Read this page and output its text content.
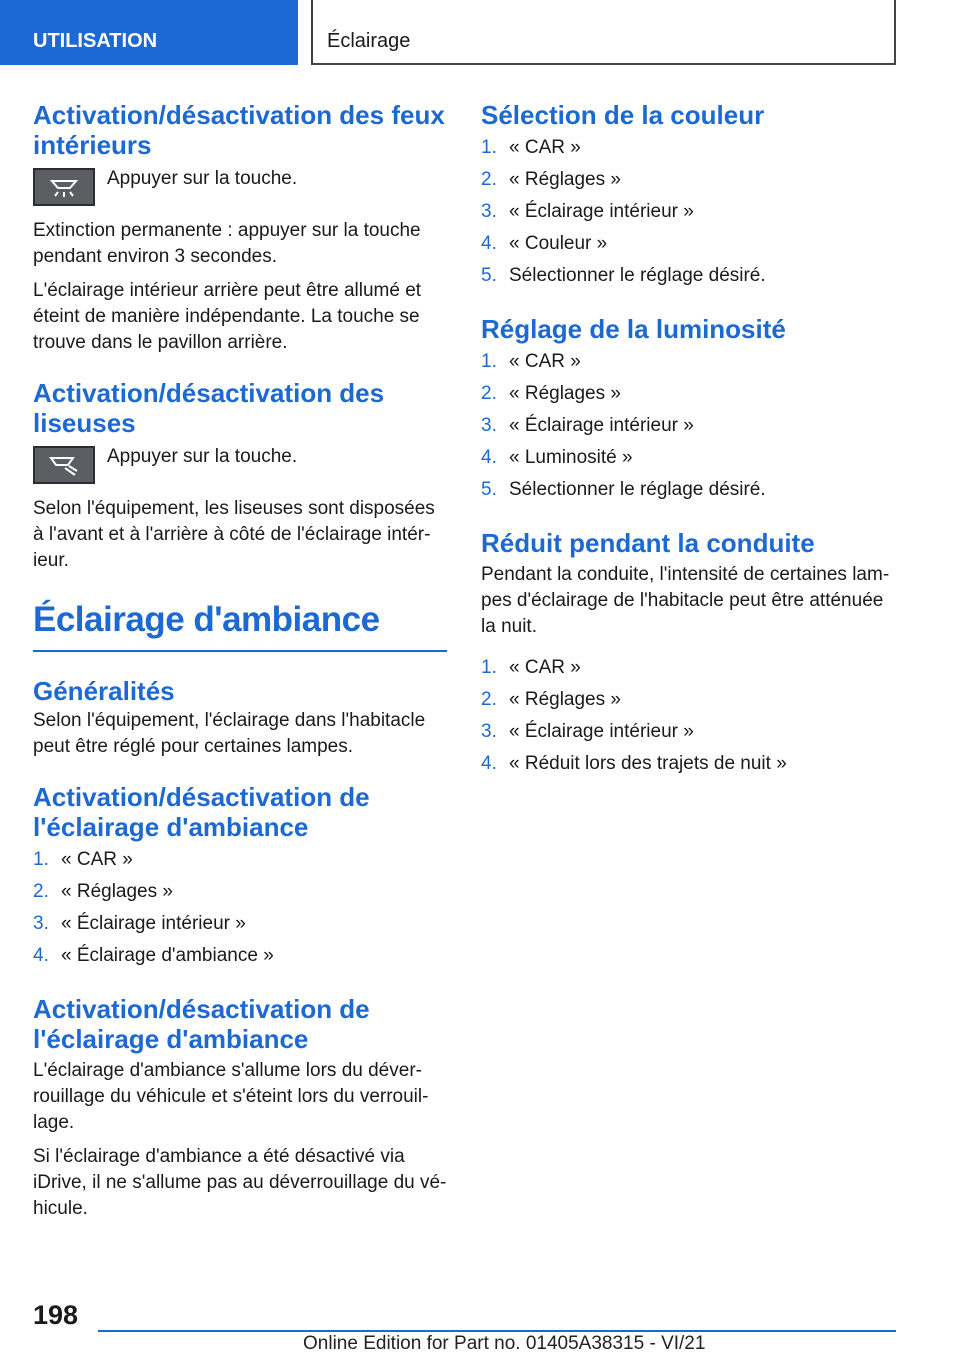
UTILISATION	Éclairage
Activation/désactivation des feux intérieurs

Appuyer sur la touche.

Extinction permanente : appuyer sur la touche pendant environ 3 secondes.

L'éclairage intérieur arrière peut être allumé et éteint de manière indépendante. La touche se trouve dans le pavillon arrière.

Activation/désactivation des liseuses

Appuyer sur la touche.

Selon l'équipement, les liseuses sont disposées à l'avant et à l'arrière à côté de l'éclairage intér-ieur.

Éclairage d'ambiance
Généralités

Selon l'équipement, l'éclairage dans l'habitacle peut être réglé pour certaines lampes.

Activation/désactivation de l'éclairage d'ambiance
1. « CAR »
2. « Réglages »
3. « Éclairage intérieur »
4. « Éclairage d'ambiance »
Activation/désactivation de l'éclairage d'ambiance

L'éclairage d'ambiance s'allume lors du déver-rouillage du véhicule et s'éteint lors du verrouil-lage.

Si l'éclairage d'ambiance a été désactivé via iDrive, il ne s'allume pas au déverrouillage du vé-hicule.

Sélection de la couleur
1. « CAR »
2. « Réglages »
3. « Éclairage intérieur »
4. « Couleur »
5. Sélectionner le réglage désiré.
Réglage de la luminosité
1. « CAR »
2. « Réglages »
3. « Éclairage intérieur »
4. « Luminosité »
5. Sélectionner le réglage désiré.
Réduit pendant la conduite

Pendant la conduite, l'intensité de certaines lam-pes d'éclairage de l'habitacle peut être atténuée la nuit.

1. « CAR »
2. « Réglages »
3. « Éclairage intérieur »
4. « Réduit lors des trajets de nuit »
198
Online Edition for Part no. 01405A38315 - VI/21
